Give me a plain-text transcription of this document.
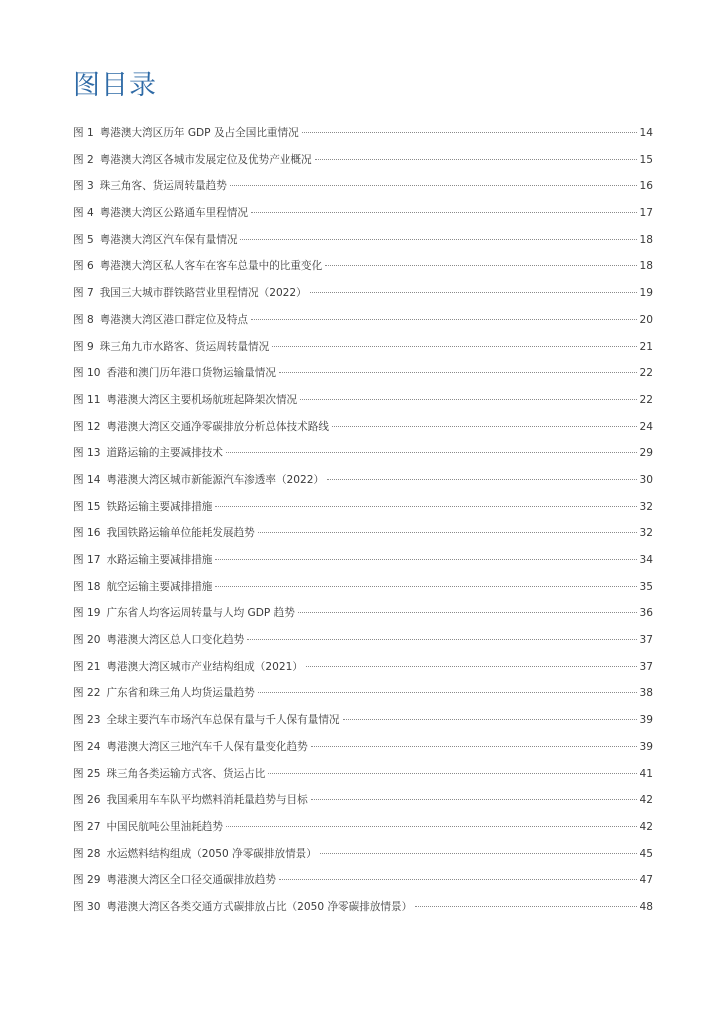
图目录
图 1 粤港澳大湾区历年 GDP 及占全国比重情况	14
图 2 粤港澳大湾区各城市发展定位及优势产业概况	15
图 3 珠三角客、货运周转量趋势	16
图 4 粤港澳大湾区公路通车里程情况	17
图 5 粤港澳大湾区汽车保有量情况	18
图 6 粤港澳大湾区私人客车在客车总量中的比重变化	18
图 7 我国三大城市群铁路营业里程情况（2022）	19
图 8 粤港澳大湾区港口群定位及特点	20
图 9 珠三角九市水路客、货运周转量情况	21
图 10 香港和澳门历年港口货物运输量情况	22
图 11 粤港澳大湾区主要机场航班起降架次情况	22
图 12 粤港澳大湾区交通净零碳排放分析总体技术路线	24
图 13 道路运输的主要减排技术	29
图 14 粤港澳大湾区城市新能源汽车渗透率（2022）	30
图 15 铁路运输主要减排措施	32
图 16 我国铁路运输单位能耗发展趋势	32
图 17 水路运输主要减排措施	34
图 18 航空运输主要减排措施	35
图 19 广东省人均客运周转量与人均 GDP 趋势	36
图 20 粤港澳大湾区总人口变化趋势	37
图 21 粤港澳大湾区城市产业结构组成（2021）	37
图 22 广东省和珠三角人均货运量趋势	38
图 23 全球主要汽车市场汽车总保有量与千人保有量情况	39
图 24 粤港澳大湾区三地汽车千人保有量变化趋势	39
图 25 珠三角各类运输方式客、货运占比	41
图 26 我国乘用车车队平均燃料消耗量趋势与目标	42
图 27 中国民航吨公里油耗趋势	42
图 28 水运燃料结构组成（2050 净零碳排放情景）	45
图 29 粤港澳大湾区全口径交通碳排放趋势	47
图 30 粤港澳大湾区各类交通方式碳排放占比（2050 净零碳排放情景）	48
